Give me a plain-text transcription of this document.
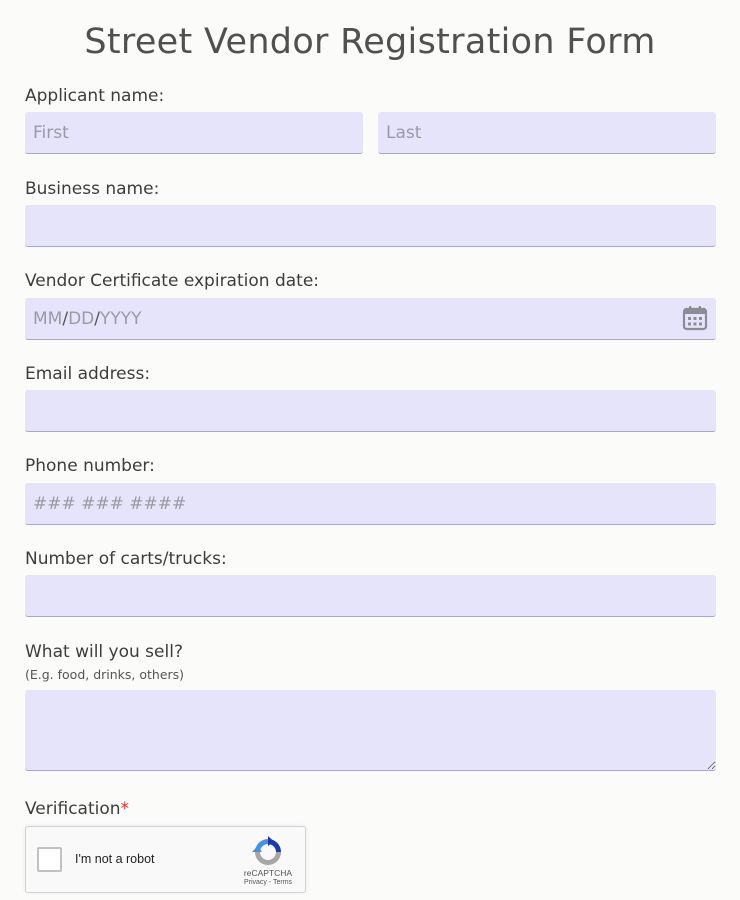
Street Vendor Registration Form
Applicant name:
First
Last
Business name:
Vendor Certificate expiration date:
MM/DD/YYYY
Email address:
Phone number:
### ### ####
Number of carts/trucks:
What will you sell?
(E.g. food, drinks, others)
Verification*
I'm not a robot
reCAPTCHA
Privacy - Terms
